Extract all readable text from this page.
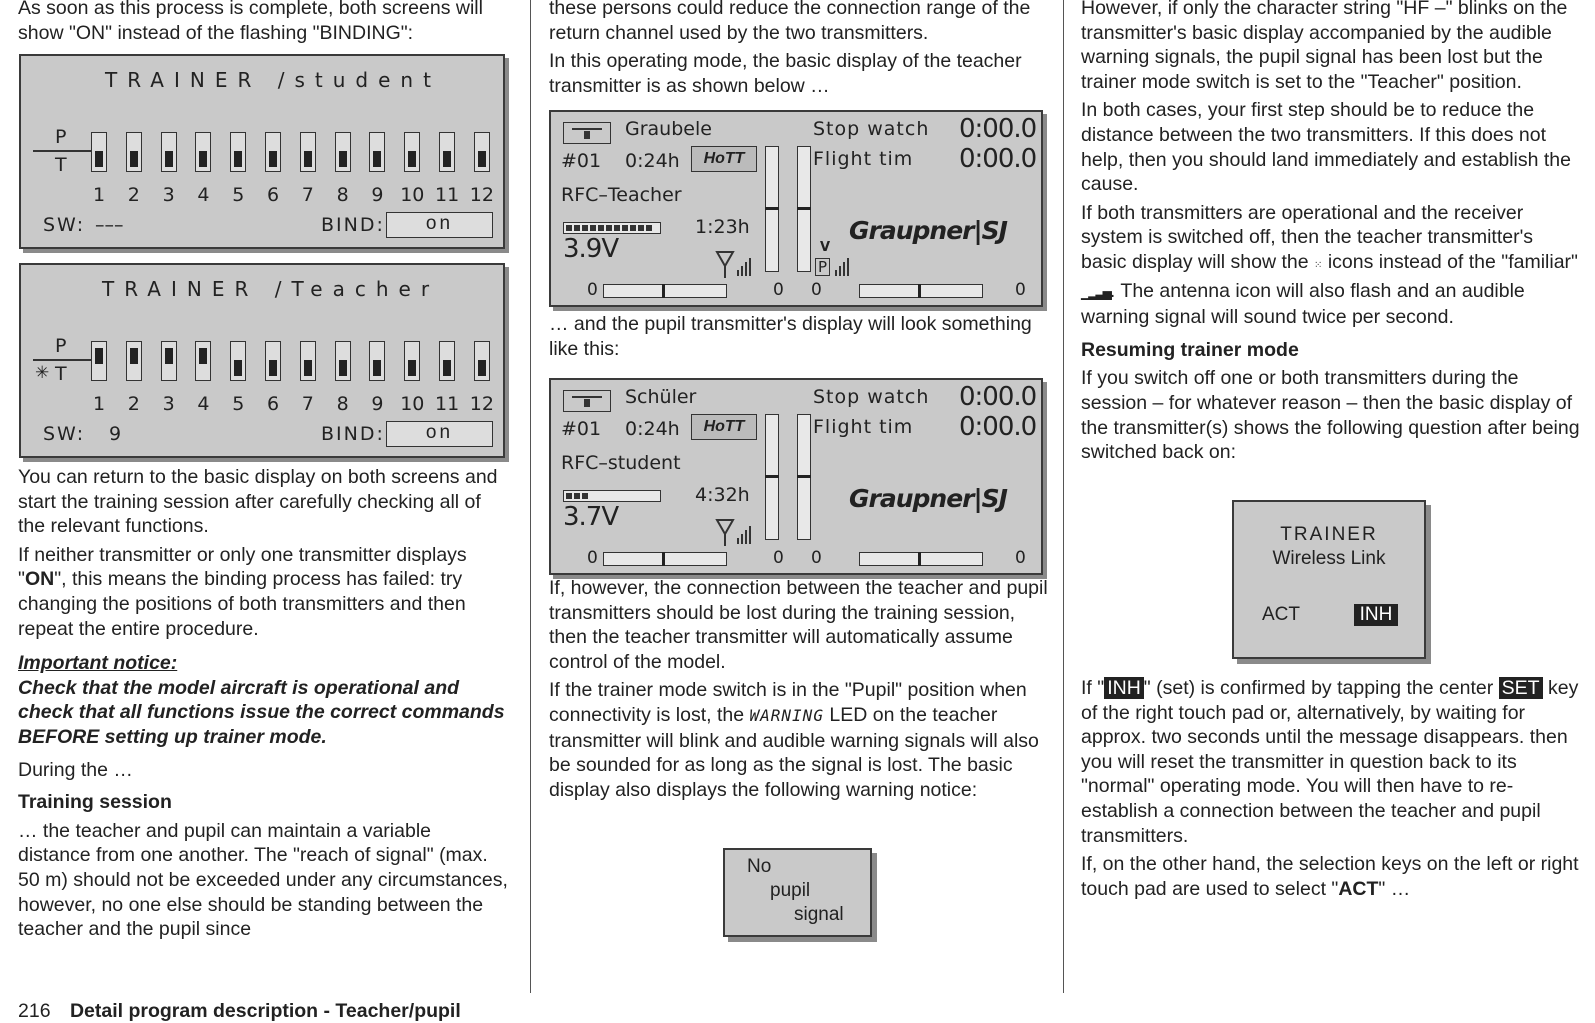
As soon as this process is complete, both screens will show "ON" instead of the flashing "BINDING":

TRAINER /student
P
T
1 2 3 4 5 6 7 8 9 10 11 12
SW: –––	BIND:	on
TRAINER /Teacher
P
✳ T
1 2 3 4 5 6 7 8 9 10 11 12
SW: 9	BIND:	on

You can return to the basic display on both screens and start the training session after carefully checking all of the relevant functions.

If neither transmitter or only one transmitter displays "ON", this means the binding process has failed: try changing the positions of both transmitters and then repeat the entire procedure.

Important notice:
Check that the model aircraft is operational and check that all functions issue the correct commands BEFORE setting up trainer mode.

During the …

Training session

… the teacher and pupil can maintain a variable distance from one another. The "reach of signal" (max. 50 m) should not be exceeded under any circumstances, however, no one else should be standing between the teacher and the pupil since

these persons could reduce the connection range of the return channel used by the two transmitters.

In this operating mode, the basic display of the teacher transmitter is as shown below …

Graubele
#01 0:24h	HoTT
RFC–Teacher
1:23h
3.9V
Stop watch 0:00.0
Flight tim 0:00.0
Graupner|SJ
V
P
0	0 0	0

… and the pupil transmitter's display will look something like this:

Schüler
#01 0:24h	HoTT
RFC–student
4:32h
3.7V
Stop watch 0:00.0
Flight tim 0:00.0
Graupner|SJ
0	0 0	0

If, however, the connection between the teacher and pupil transmitters should be lost during the training session, then the teacher transmitter will automatically assume control of the model.

If the trainer mode switch is in the "Pupil" position when connectivity is lost, the WARNING LED on the teacher transmitter will blink and audible warning signals will also be sounded for as long as the signal is lost. The basic display also displays the following warning notice:

No
pupil
signal

However, if only the character string "HF –" blinks on the transmitter's basic display accompanied by the audible warning signals, the pupil signal has been lost but the trainer mode switch is set to the "Teacher" position.

In both cases, your first step should be to reduce the distance between the two transmitters. If this does not help, then you should land immediately and establish the cause.

If both transmitters are operational and the receiver system is switched off, then the teacher transmitter's basic display will show the ⁙ icons instead of the "familiar" ▁▂▃▅. The antenna icon will also flash and an audible warning signal will sound twice per second.

Resuming trainer mode

If you switch off one or both transmitters during the session – for whatever reason – then the basic display of the transmitter(s) shows the following question after being switched back on:

TRAINER
Wireless Link
ACT	INH

If " INH " (set) is confirmed by tapping the center SET key of the right touch pad or, alternatively, by waiting for approx. two seconds until the message disappears. then you will reset the transmitter in question back to its "normal" operating mode. You will then have to re-establish a connection between the teacher and pupil transmitters.

If, on the other hand, the selection keys on the left or right touch pad are used to select "ACT" …

216 Detail program description - Teacher/pupil
